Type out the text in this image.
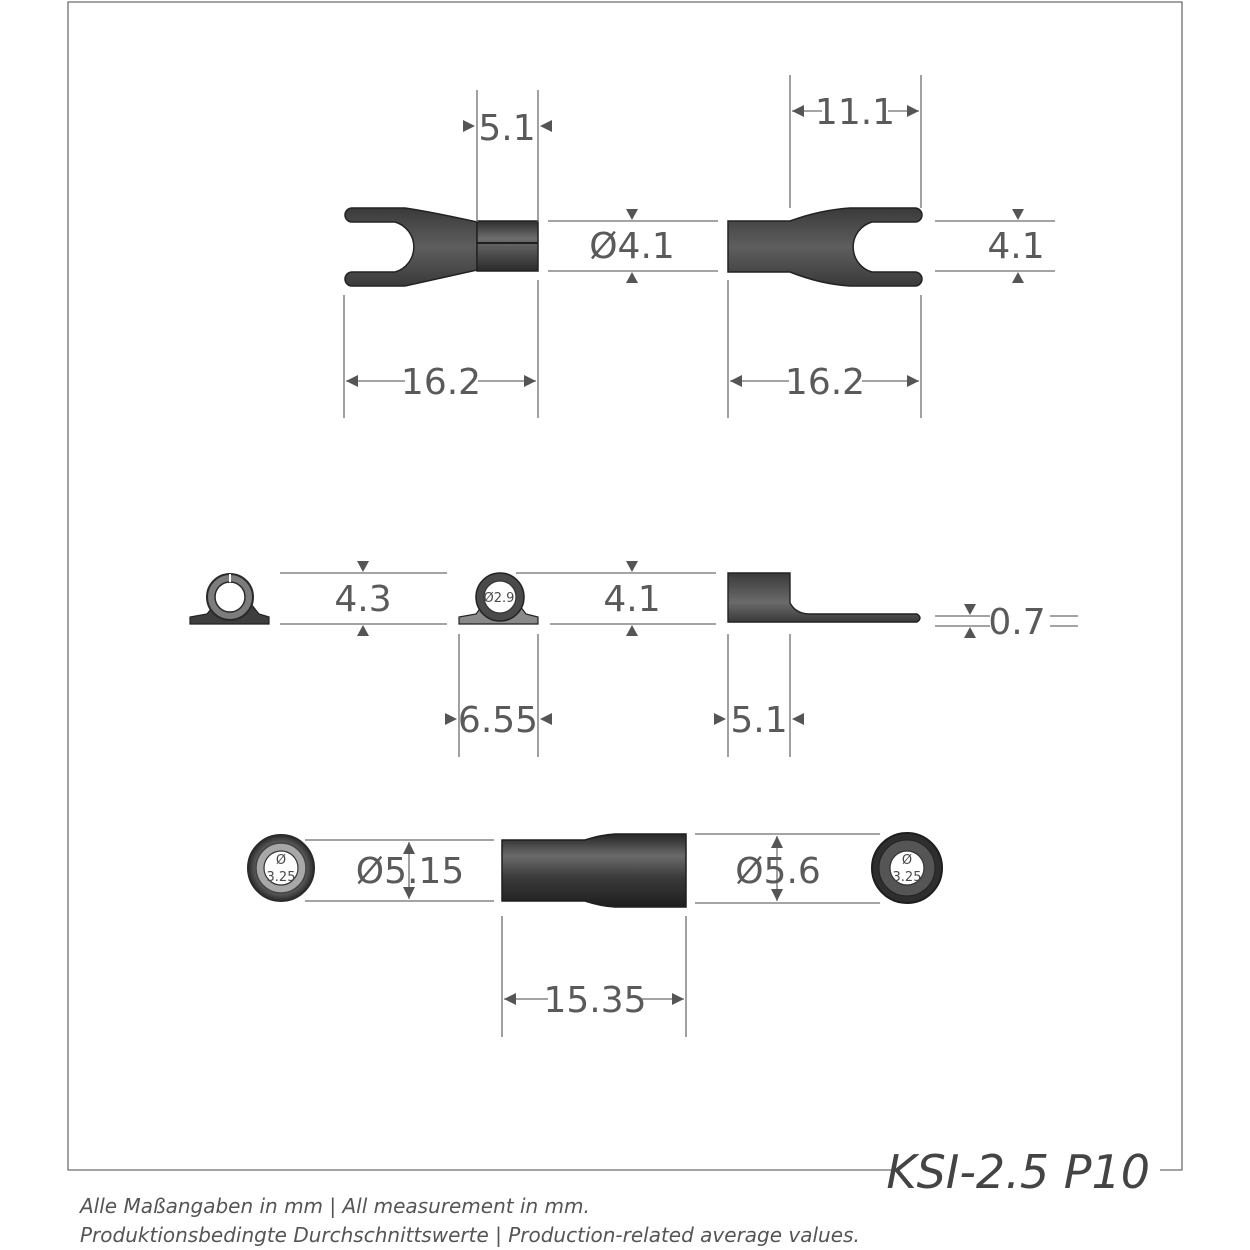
5.1	11.1
Ø4.1	4.1
16.2	16.2
Ø2.9
4.3	4.1
0.7
6.55	5.1
Ø
3.25
Ø
3.25
Ø5.15	Ø5.6
15.35
KSI-2.5 P10
Alle Maßangaben in mm | All measurement in mm.
Produktionsbedingte Durchschnittswerte | Production-related average values.
